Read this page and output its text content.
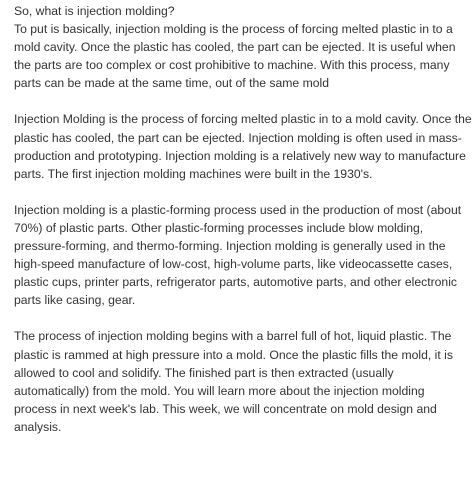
So, what is injection molding?
To put is basically, injection molding is the process of forcing melted plastic in to a
mold cavity. Once the plastic has cooled, the part can be ejected. It is useful when
the parts are too complex or cost prohibitive to machine. With this process, many
parts can be made at the same time, out of the same mold

Injection Molding is the process of forcing melted plastic in to a mold cavity. Once the
plastic has cooled, the part can be ejected. Injection molding is often used in mass-
production and prototyping. Injection molding is a relatively new way to manufacture
parts. The first injection molding machines were built in the 1930's.

Injection molding is a plastic-forming process used in the production of most (about
70%) of plastic parts. Other plastic-forming processes include blow molding,
pressure-forming, and thermo-forming. Injection molding is generally used in the
high-speed manufacture of low-cost, high-volume parts, like videocassette cases,
plastic cups, printer parts, refrigerator parts, automotive parts, and other electronic
parts like casing, gear.

The process of injection molding begins with a barrel full of hot, liquid plastic. The
plastic is rammed at high pressure into a mold. Once the plastic fills the mold, it is
allowed to cool and solidify. The finished part is then extracted (usually
automatically) from the mold. You will learn more about the injection molding
process in next week's lab. This week, we will concentrate on mold design and
analysis.
